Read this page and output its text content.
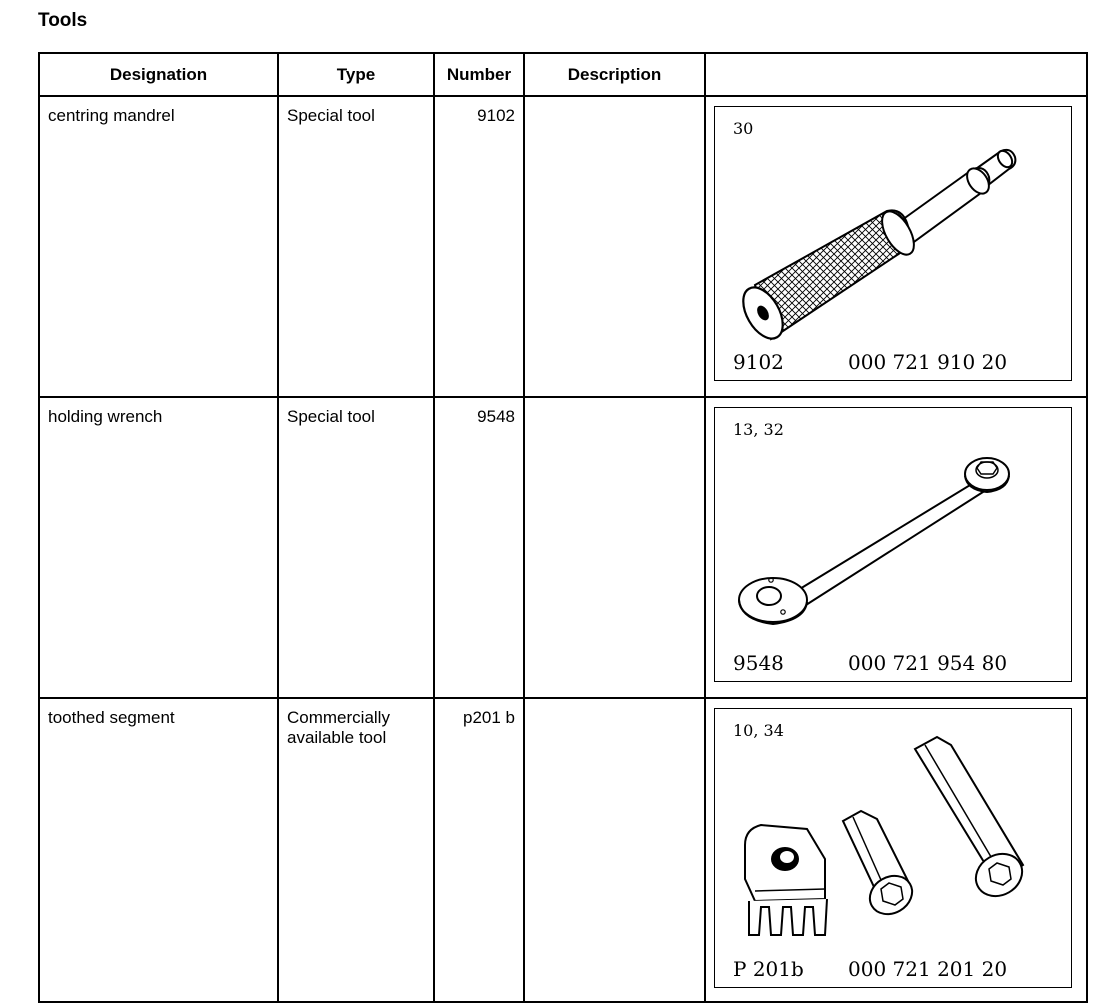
Tools
Designation	Type	Number	Description	
centring mandrel	Special tool	9102		30
9102 000 721 910 20

holding wrench	Special tool	9548		13, 32
9548 000 721 954 80

toothed segment	Commercially
available tool	p201 b		10, 34
P 201b 000 721 201 20
